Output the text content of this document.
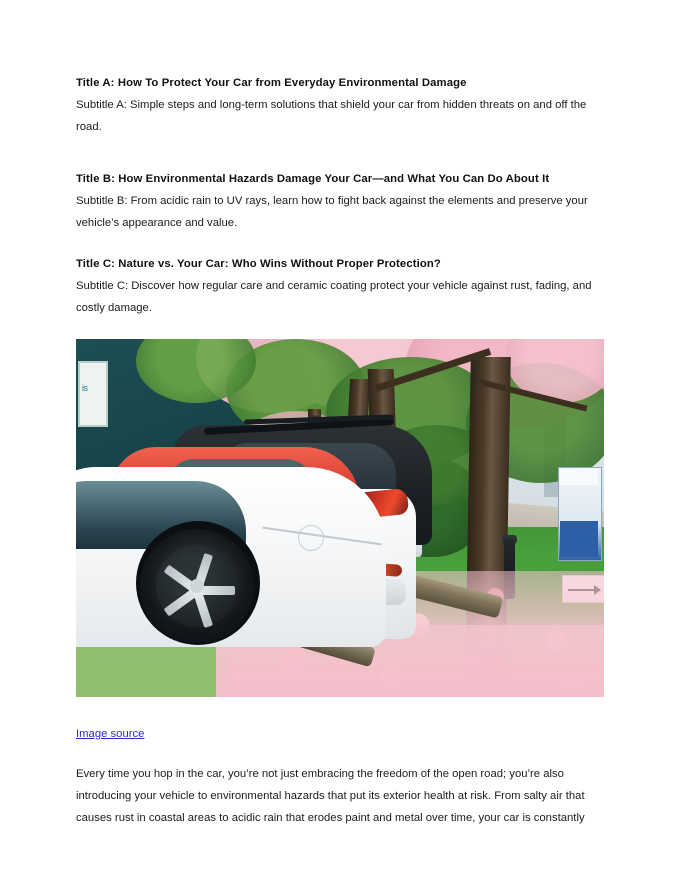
Title A: How To Protect Your Car from Everyday Environmental Damage

Subtitle A: Simple steps and long-term solutions that shield your car from hidden threats on and off the road.

Title B: How Environmental Hazards Damage Your Car—and What You Can Do About It

Subtitle B: From acidic rain to UV rays, learn how to fight back against the elements and preserve your vehicle’s appearance and value.

Title C: Nature vs. Your Car: Who Wins Without Proper Protection?

Subtitle C: Discover how regular care and ceramic coating protect your vehicle against rust, fading, and costly damage.

is
Image source

Every time you hop in the car, you’re not just embracing the freedom of the open road; you’re also introducing your vehicle to environmental hazards that put its exterior health at risk. From salty air that causes rust in coastal areas to acidic rain that erodes paint and metal over time, your car is constantly
